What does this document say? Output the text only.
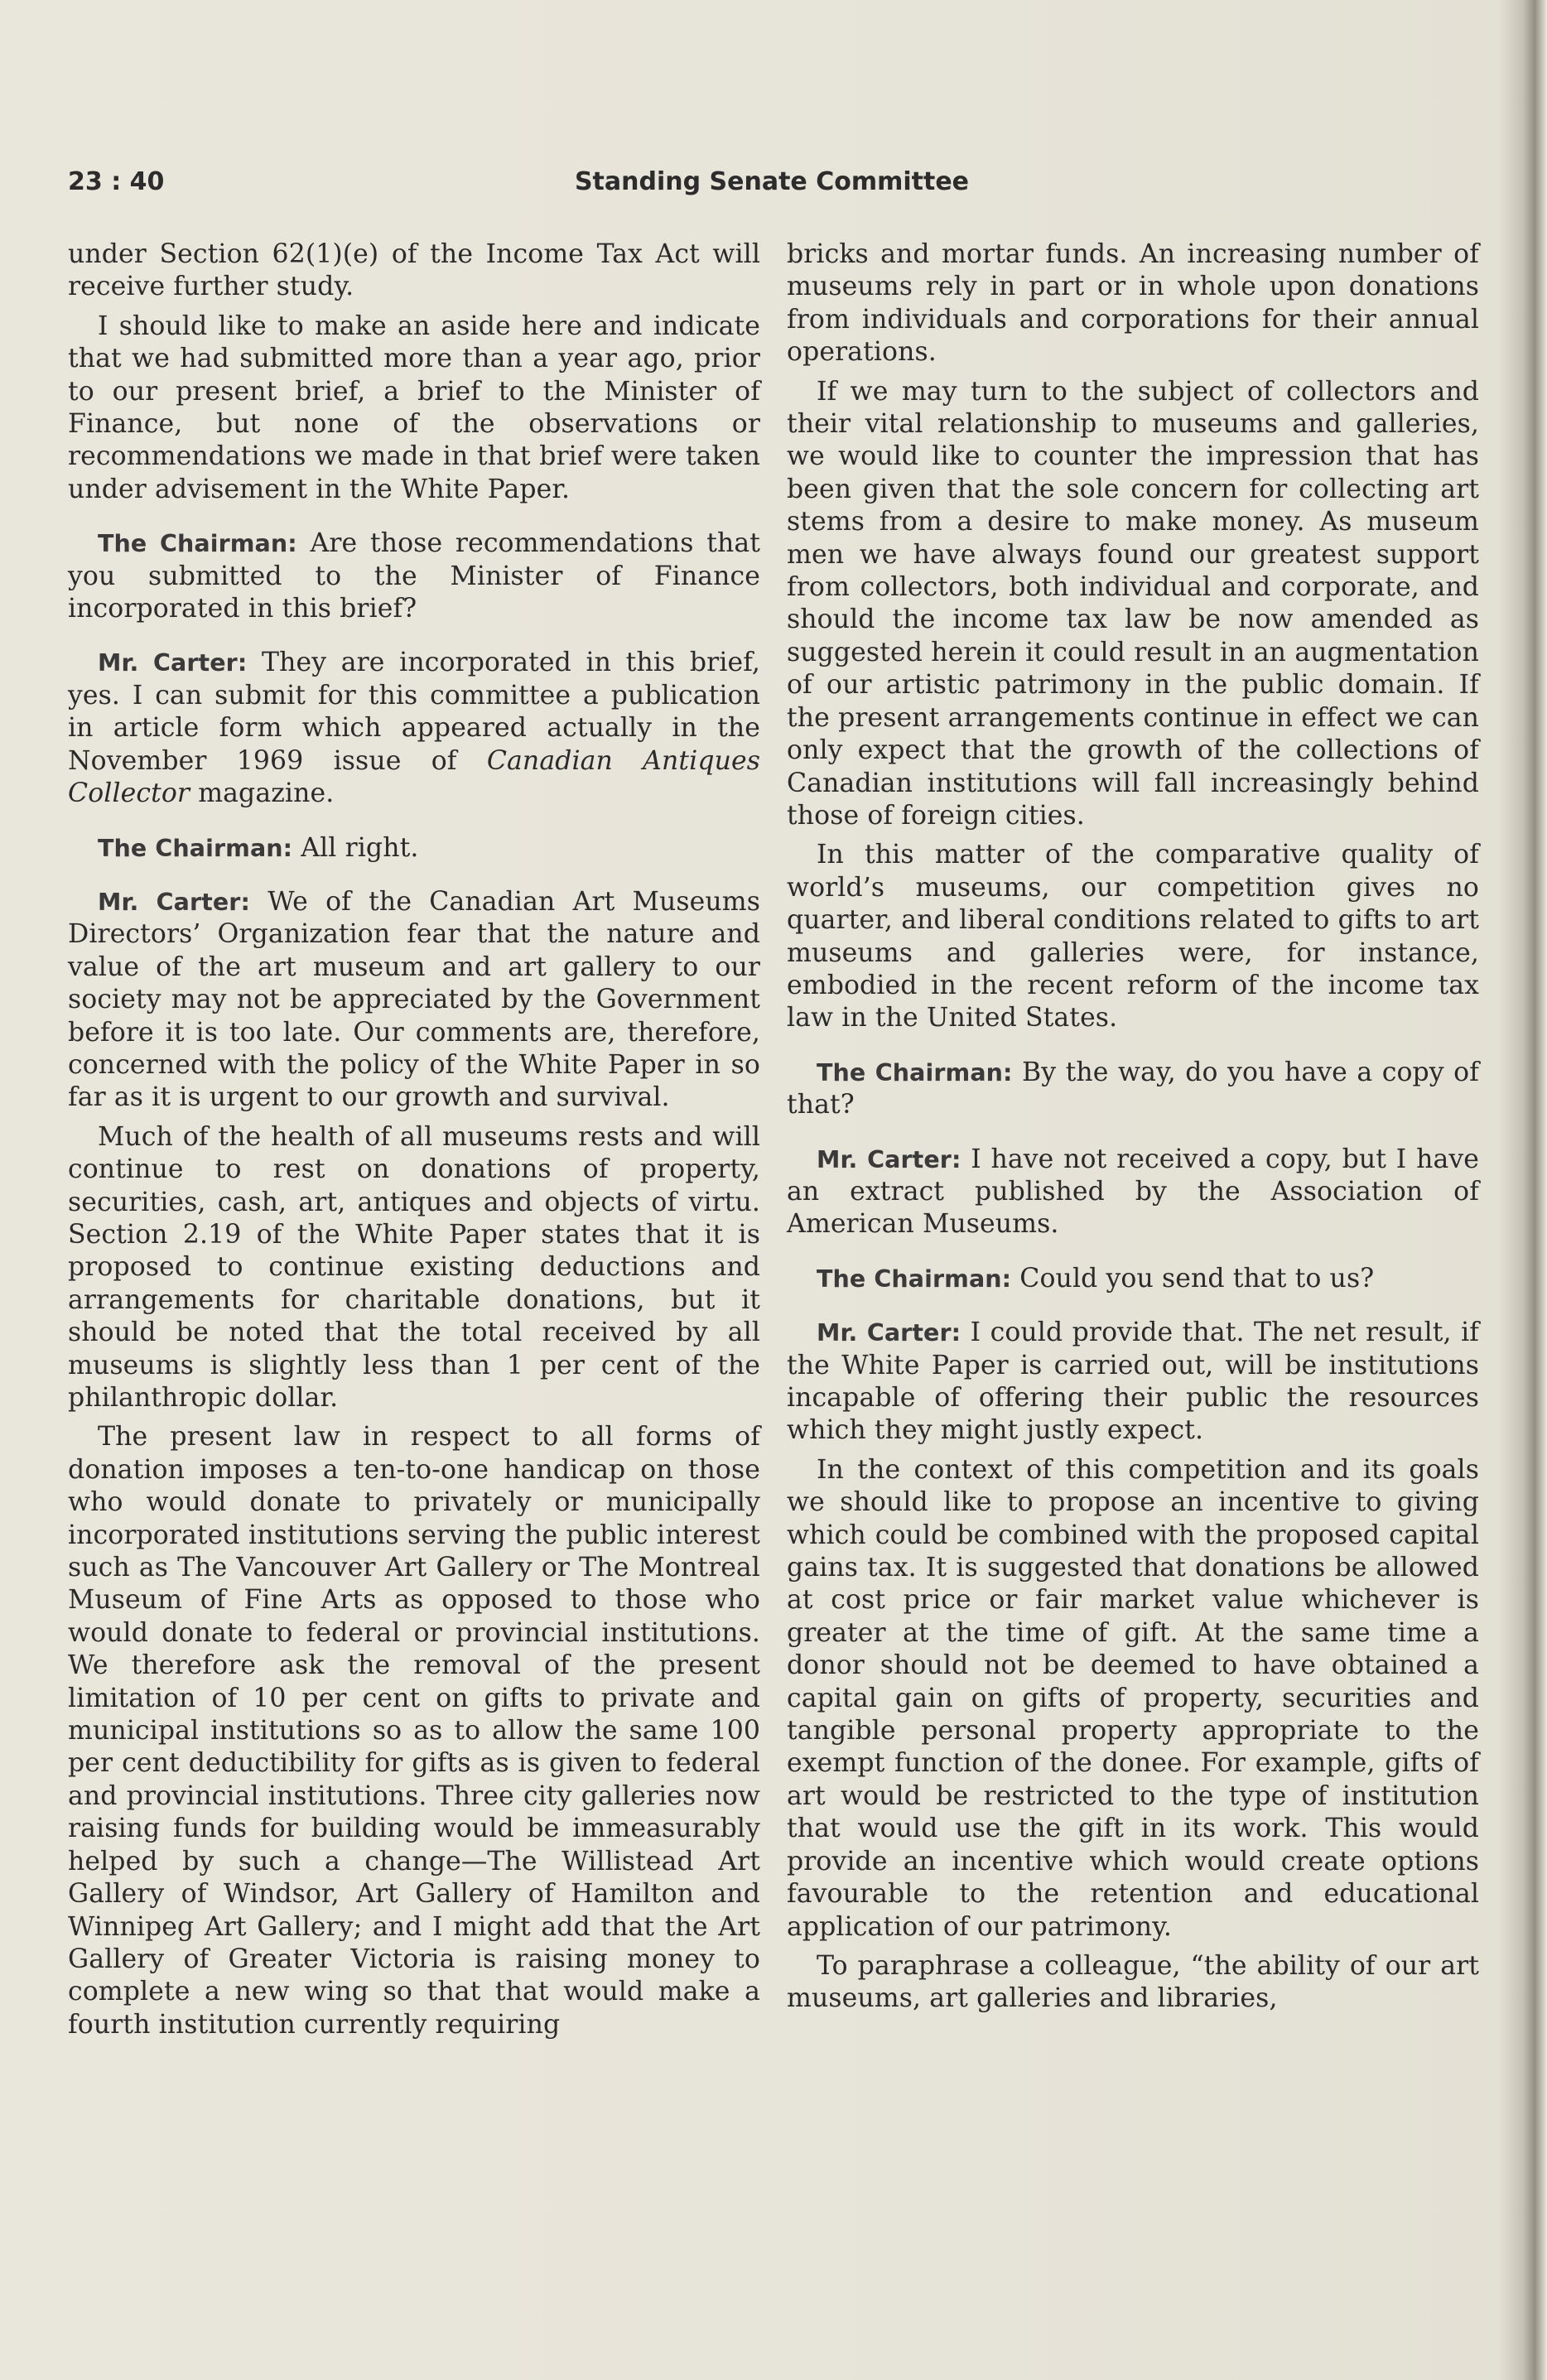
23 : 40	Standing Senate Committee

under Section 62(1)(e) of the Income Tax Act will receive further study.

I should like to make an aside here and indicate that we had submitted more than a year ago, prior to our present brief, a brief to the Minister of Finance, but none of the observations or recommendations we made in that brief were taken under advisement in the White Paper.

The Chairman: Are those recommendations that you submitted to the Minister of Finance incorporated in this brief?

Mr. Carter: They are incorporated in this brief, yes. I can submit for this committee a publication in article form which appeared actually in the November 1969 issue of Canadian Antiques Collector magazine.

The Chairman: All right.

Mr. Carter: We of the Canadian Art Museums Directors’ Organization fear that the nature and value of the art museum and art gallery to our society may not be appreciated by the Government before it is too late. Our comments are, therefore, concerned with the policy of the White Paper in so far as it is urgent to our growth and survival.

Much of the health of all museums rests and will continue to rest on donations of property, securities, cash, art, antiques and objects of virtu. Section 2.19 of the White Paper states that it is proposed to continue existing deductions and arrangements for charitable donations, but it should be noted that the total received by all museums is slightly less than 1 per cent of the philanthropic dollar.

The present law in respect to all forms of donation imposes a ten-to-one handicap on those who would donate to privately or municipally incorporated institutions serving the public interest such as The Vancouver Art Gallery or The Montreal Museum of Fine Arts as opposed to those who would donate to federal or provincial institutions. We therefore ask the removal of the present limitation of 10 per cent on gifts to private and municipal institutions so as to allow the same 100 per cent deductibility for gifts as is given to federal and provincial institutions. Three city galleries now raising funds for building would be immeasurably helped by such a change—The Willistead Art Gallery of Windsor, Art Gallery of Hamilton and Winnipeg Art Gallery; and I might add that the Art Gallery of Greater Victoria is raising money to complete a new wing so that that would make a fourth institution currently requiring

bricks and mortar funds. An increasing number of museums rely in part or in whole upon donations from individuals and corporations for their annual operations.

If we may turn to the subject of collectors and their vital relationship to museums and galleries, we would like to counter the impression that has been given that the sole concern for collecting art stems from a desire to make money. As museum men we have always found our greatest support from collectors, both individual and corporate, and should the income tax law be now amended as suggested herein it could result in an augmentation of our artistic patrimony in the public domain. If the present arrangements continue in effect we can only expect that the growth of the collections of Canadian institutions will fall increasingly behind those of foreign cities.

In this matter of the comparative quality of world’s museums, our competition gives no quarter, and liberal conditions related to gifts to art museums and galleries were, for instance, embodied in the recent reform of the income tax law in the United States.

The Chairman: By the way, do you have a copy of that?

Mr. Carter: I have not received a copy, but I have an extract published by the Association of American Museums.

The Chairman: Could you send that to us?

Mr. Carter: I could provide that. The net result, if the White Paper is carried out, will be institutions incapable of offering their public the resources which they might justly expect.

In the context of this competition and its goals we should like to propose an incentive to giving which could be combined with the proposed capital gains tax. It is suggested that donations be allowed at cost price or fair market value whichever is greater at the time of gift. At the same time a donor should not be deemed to have obtained a capital gain on gifts of property, securities and tangible personal property appropriate to the exempt function of the donee. For example, gifts of art would be restricted to the type of institution that would use the gift in its work. This would provide an incentive which would create options favourable to the retention and educational application of our patrimony.

To paraphrase a colleague, “the ability of our art museums, art galleries and libraries,
